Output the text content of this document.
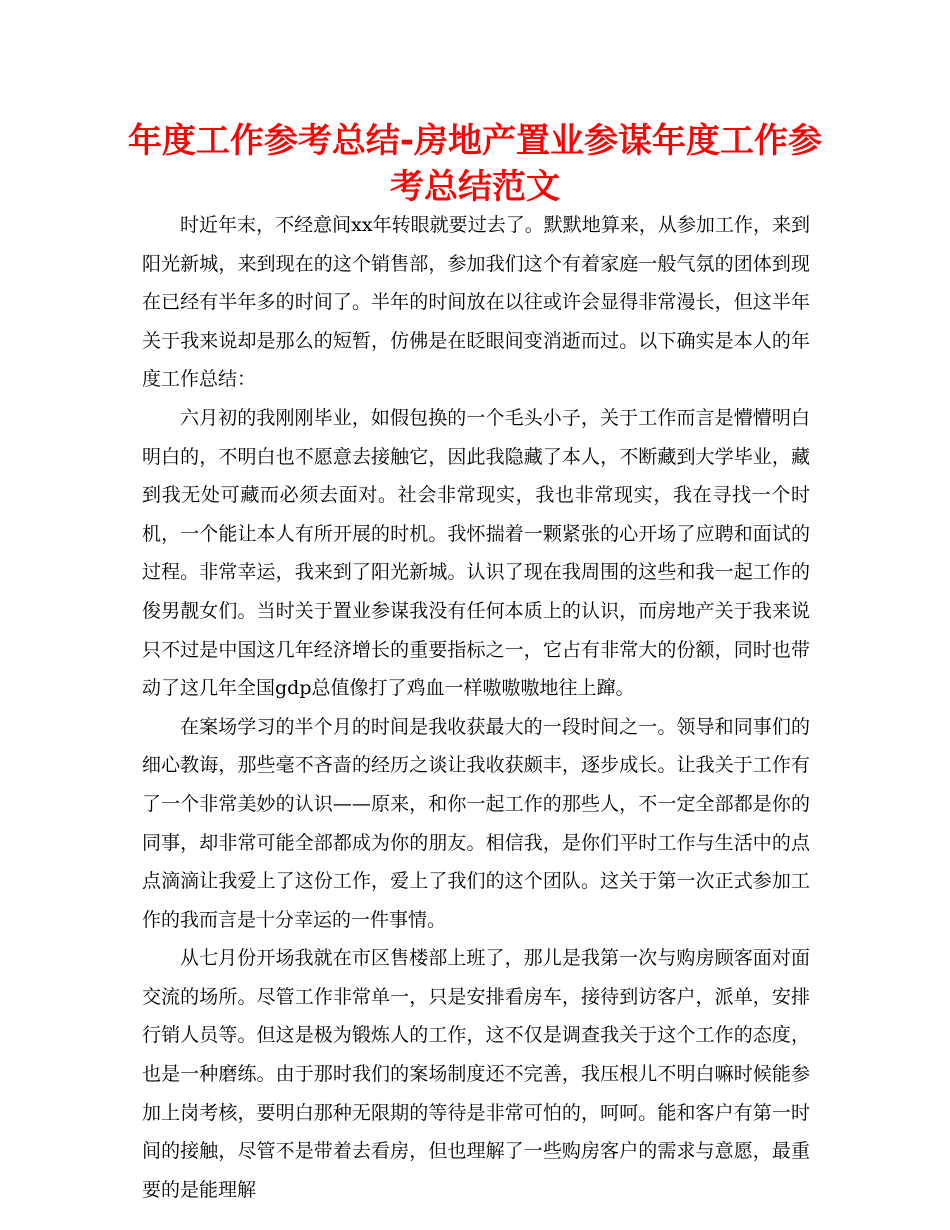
年度工作参考总结-房地产置业参谋年度工作参考总结范文

时近年末，不经意间xx年转眼就要过去了。默默地算来，从参加工作，来到阳光新城，来到现在的这个销售部，参加我们这个有着家庭一般气氛的团体到现在已经有半年多的时间了。半年的时间放在以往或许会显得非常漫长，但这半年关于我来说却是那么的短暂，仿佛是在眨眼间变消逝而过。以下确实是本人的年度工作总结：

六月初的我刚刚毕业，如假包换的一个毛头小子，关于工作而言是懵懵明白明白的，不明白也不愿意去接触它，因此我隐藏了本人，不断藏到大学毕业，藏到我无处可藏而必须去面对。社会非常现实，我也非常现实，我在寻找一个时机，一个能让本人有所开展的时机。我怀揣着一颗紧张的心开场了应聘和面试的过程。非常幸运，我来到了阳光新城。认识了现在我周围的这些和我一起工作的俊男靓女们。当时关于置业参谋我没有任何本质上的认识，而房地产关于我来说只不过是中国这几年经济增长的重要指标之一，它占有非常大的份额，同时也带动了这几年全国gdp总值像打了鸡血一样嗷嗷嗷地往上蹿。

在案场学习的半个月的时间是我收获最大的一段时间之一。领导和同事们的细心教诲，那些毫不吝啬的经历之谈让我收获颇丰，逐步成长。让我关于工作有了一个非常美妙的认识——原来，和你一起工作的那些人，不一定全部都是你的同事，却非常可能全部都成为你的朋友。相信我，是你们平时工作与生活中的点点滴滴让我爱上了这份工作，爱上了我们的这个团队。这关于第一次正式参加工作的我而言是十分幸运的一件事情。

从七月份开场我就在市区售楼部上班了，那儿是我第一次与购房顾客面对面交流的场所。尽管工作非常单一，只是安排看房车，接待到访客户，派单，安排行销人员等。但这是极为锻炼人的工作，这不仅是调查我关于这个工作的态度，也是一种磨练。由于那时我们的案场制度还不完善，我压根儿不明白嘛时候能参加上岗考核，要明白那种无限期的等待是非常可怕的，呵呵。能和客户有第一时间的接触，尽管不是带着去看房，但也理解了一些购房客户的需求与意愿，最重要的是能理解
